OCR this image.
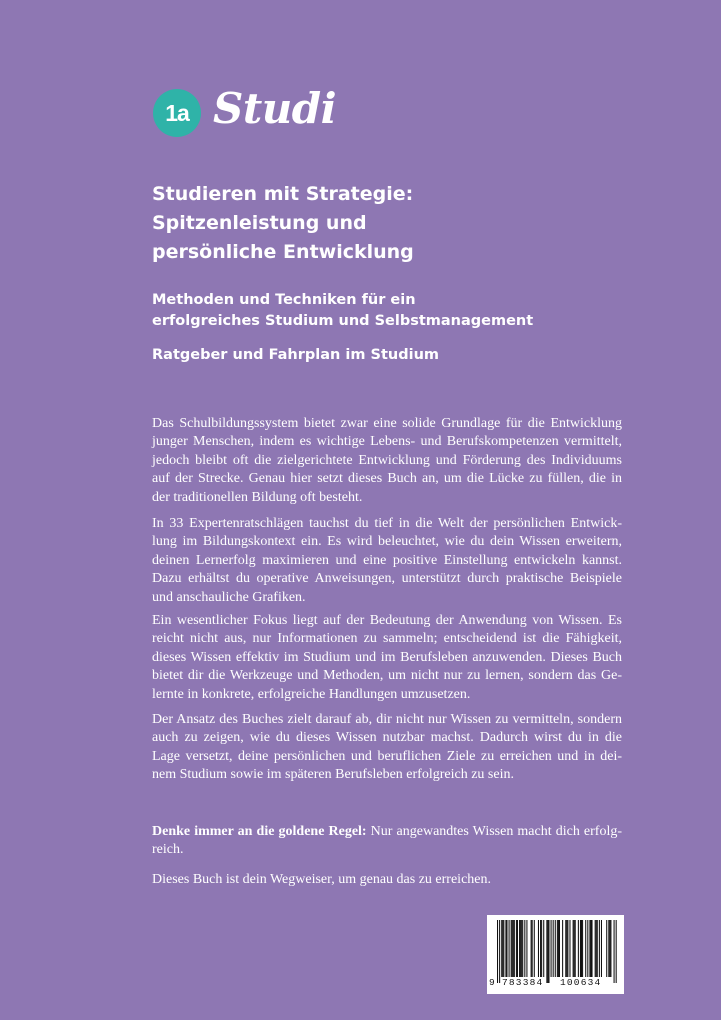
1a Studi
Studieren mit Strategie:
Spitzenleistung und
persönliche Entwicklung
Methoden und Techniken für ein
erfolgreiches Studium und Selbstmanagement
Ratgeber und Fahrplan im Studium
Das Schulbildungssystem bietet zwar eine solide Grundlage für die Entwicklung
junger Menschen, indem es wichtige Lebens- und Berufskompetenzen vermittelt,
jedoch bleibt oft die zielgerichtete Entwicklung und Förderung des Individuums
auf der Strecke. Genau hier setzt dieses Buch an, um die Lücke zu füllen, die in
der traditionellen Bildung oft besteht.
In 33 Expertenratschlägen tauchst du tief in die Welt der persönlichen Entwick-
lung im Bildungskontext ein. Es wird beleuchtet, wie du dein Wissen erweitern,
deinen Lernerfolg maximieren und eine positive Einstellung entwickeln kannst.
Dazu erhältst du operative Anweisungen, unterstützt durch praktische Beispiele
und anschauliche Grafiken.
Ein wesentlicher Fokus liegt auf der Bedeutung der Anwendung von Wissen. Es
reicht nicht aus, nur Informationen zu sammeln; entscheidend ist die Fähigkeit,
dieses Wissen effektiv im Studium und im Berufsleben anzuwenden. Dieses Buch
bietet dir die Werkzeuge und Methoden, um nicht nur zu lernen, sondern das Ge-
lernte in konkrete, erfolgreiche Handlungen umzusetzen.
Der Ansatz des Buches zielt darauf ab, dir nicht nur Wissen zu vermitteln, sondern
auch zu zeigen, wie du dieses Wissen nutzbar machst. Dadurch wirst du in die
Lage versetzt, deine persönlichen und beruflichen Ziele zu erreichen und in dei-
nem Studium sowie im späteren Berufsleben erfolgreich zu sein.
Denke immer an die goldene Regel: Nur angewandtes Wissen macht dich erfolg-
reich.
Dieses Buch ist dein Wegweiser, um genau das zu erreichen.
9 783384 100634
